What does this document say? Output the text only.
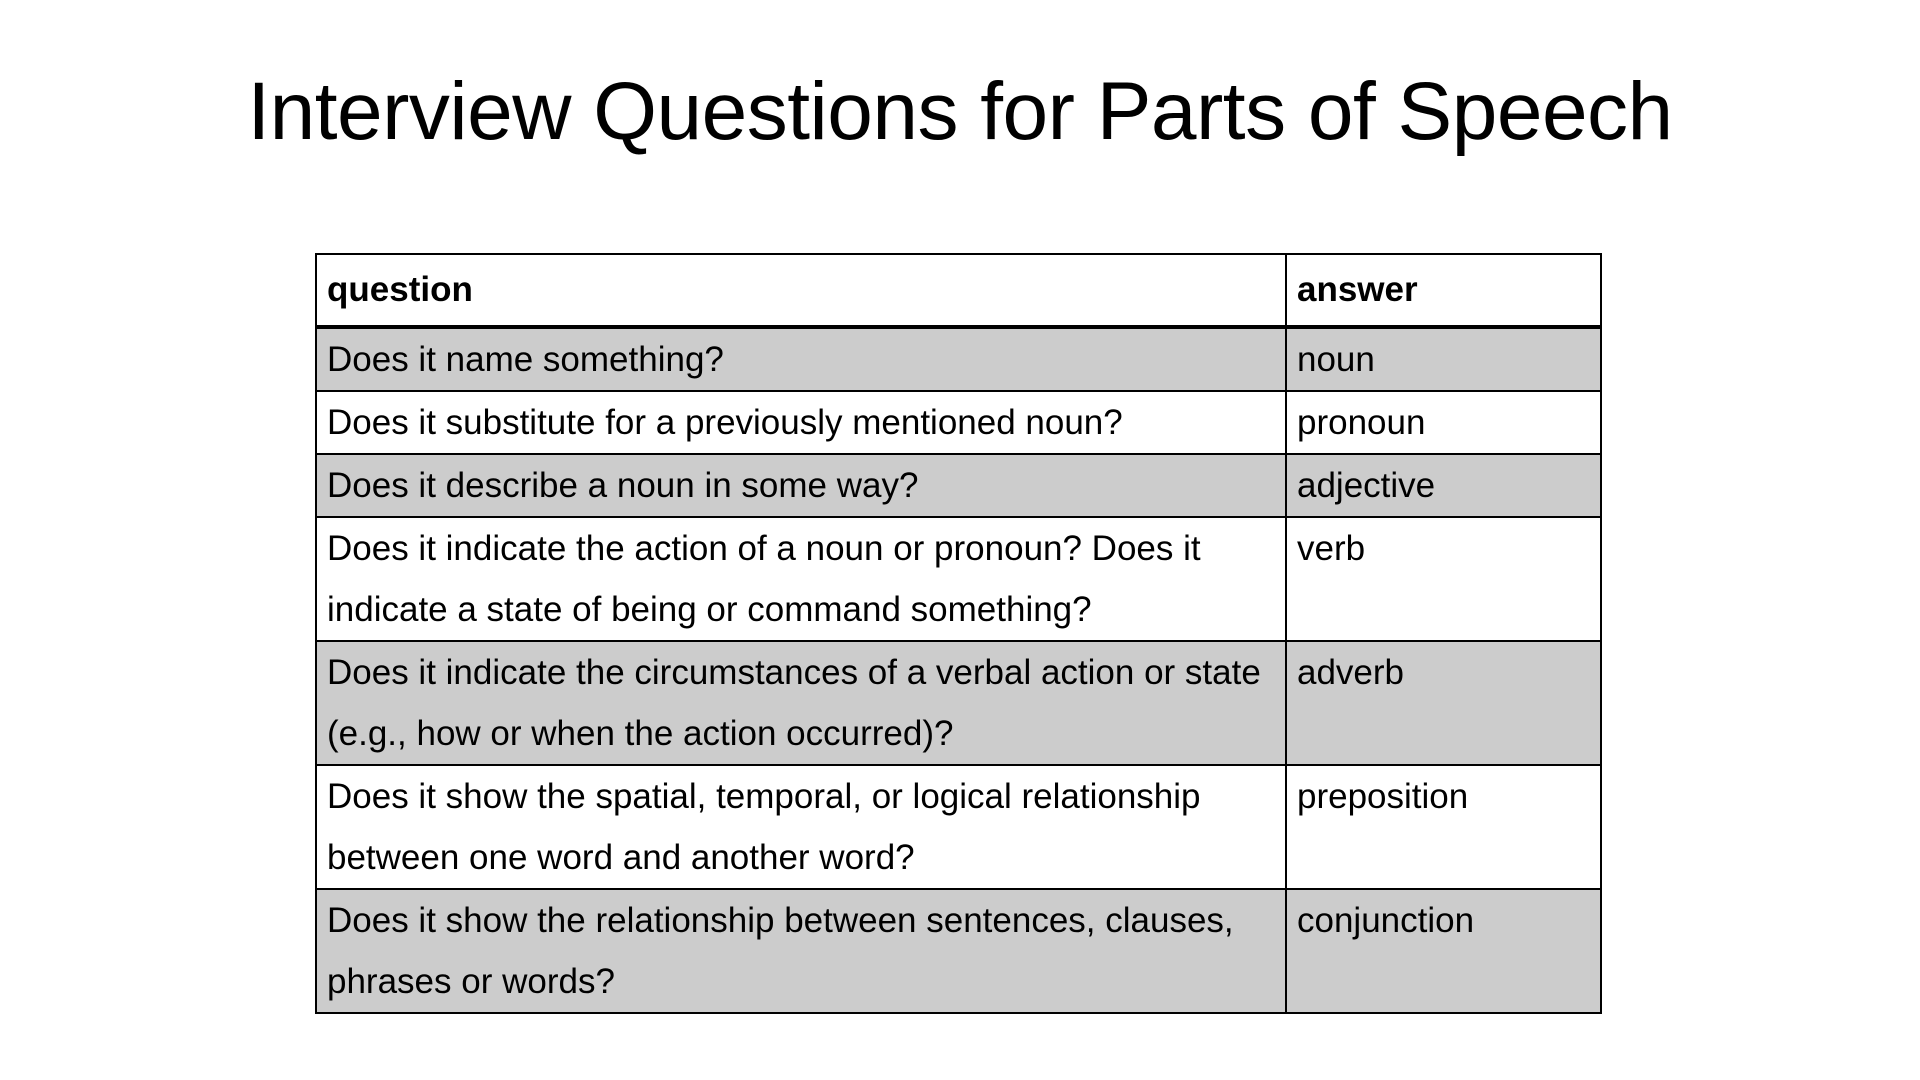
Interview Questions for Parts of Speech
question	answer
Does it name something?	noun
Does it substitute for a previously mentioned noun?	pronoun
Does it describe a noun in some way?	adjective
Does it indicate the action of a noun or pronoun? Does it indicate a state of being or command something?	verb
Does it indicate the circumstances of a verbal action or state (e.g., how or when the action occurred)?	adverb
Does it show the spatial, temporal, or logical relationship between one word and another word?	preposition
Does it show the relationship between sentences, clauses, phrases or words?	conjunction
